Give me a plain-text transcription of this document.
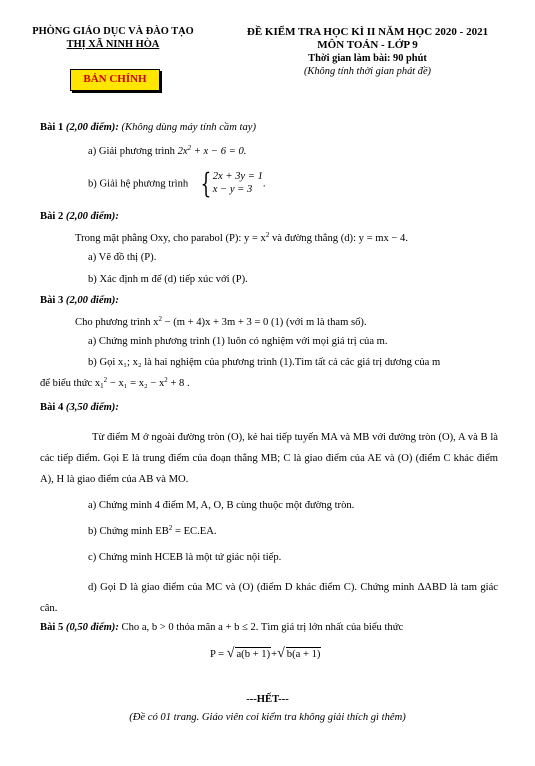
PHÒNG GIÁO DỤC VÀ ĐÀO TẠO
THỊ XÃ NINH HÒA
BẢN CHÍNH
ĐỀ KIỂM TRA HỌC KÌ II NĂM HỌC 2020 - 2021
MÔN TOÁN - LỚP 9
Thời gian làm bài: 90 phút
(Không tính thời gian phát đề)
Bài 1 (2,00 điểm): (Không dùng máy tính cầm tay)
a) Giải phương trình $2x^2 + x - 6 = 0$.
b) Giải hệ phương trình { 2x + 3y = 1
x − y = 3
.
Bài 2 (2,00 điểm):
Trong mặt phẳng Oxy, cho parabol (P): $y = x^2$ và đường thẳng (d): y = mx − 4.
a) Vẽ đồ thị (P).
b) Xác định m để (d) tiếp xúc với (P).
Bài 3 (2,00 điểm):
Cho phương trình $x^2 - (m + 4)x + 3m + 3 = 0$ (1) (với m là tham số).
a) Chứng minh phương trình (1) luôn có nghiệm với mọi giá trị của m.
b) Gọi x₁; x₂ là hai nghiệm của phương trình (1).Tìm tất cả các giá trị dương của m
để biểu thức $x_1^2 - x_1 = x_2 - x^2 + 8$ .
Bài 4 (3,50 điểm):
Từ điểm M ở ngoài đường tròn (O), kẻ hai tiếp tuyến MA và MB với đường tròn (O), A và B là các tiếp điểm. Gọi E là trung điểm của đoạn thẳng MB; C là giao điểm của AE và (O) (điểm C khác điểm A), H là giao điểm của AB và MO.
a) Chứng minh 4 điểm M, A, O, B cùng thuộc một đường tròn.
b) Chứng minh $EB^2 = EC.EA$.
c) Chứng minh HCEB là một tứ giác nội tiếp.
d) Gọi D là giao điểm của MC và (O) (điểm D khác điểm C). Chứng minh ΔABD là tam giác cân.
Bài 5 (0,50 điểm): Cho a, b > 0 thỏa mãn a + b ≤ 2. Tìm giá trị lớn nhất của biểu thức
P = √ a(b + 1)+√ b(a + 1)
---HẾT---
(Đề có 01 trang. Giáo viên coi kiểm tra không giải thích gì thêm)
